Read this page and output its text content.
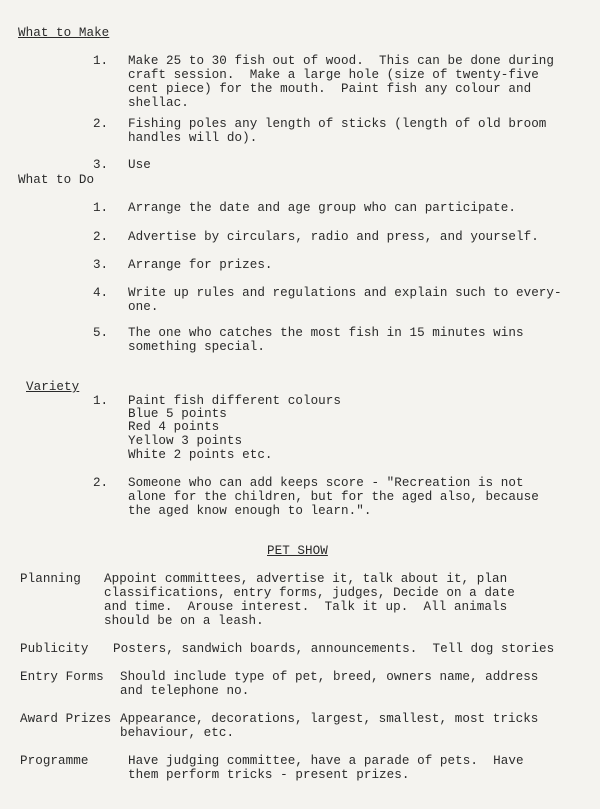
What to Make
1. Make 25 to 30 fish out of wood.  This can be done during
craft session.  Make a large hole (size of twenty-five
cent piece) for the mouth.  Paint fish any colour and
shellac.
2. Fishing poles any length of sticks (length of old broom
handles will do).
3. Use
What to Do
1. Arrange the date and age group who can participate.
2. Advertise by circulars, radio and press, and yourself.
3. Arrange for prizes.
4. Write up rules and regulations and explain such to every-
one.
5. The one who catches the most fish in 15 minutes wins
something special.
Variety
1. Paint fish different colours
Blue 5 points
Red 4 points
Yellow 3 points
White 2 points etc.
2. Someone who can add keeps score - "Recreation is not
alone for the children, but for the aged also, because
the aged know enough to learn.".
PET SHOW
Planning Appoint committees, advertise it, talk about it, plan
classifications, entry forms, judges, Decide on a date
and time.  Arouse interest.  Talk it up.  All animals
should be on a leash.
Publicity Posters, sandwich boards, announcements.  Tell dog stories
Entry Forms Should include type of pet, breed, owners name, address
and telephone no.
Award Prizes Appearance, decorations, largest, smallest, most tricks
behaviour, etc.
Programme	Have judging committee, have a parade of pets.  Have
them perform tricks - present prizes.
